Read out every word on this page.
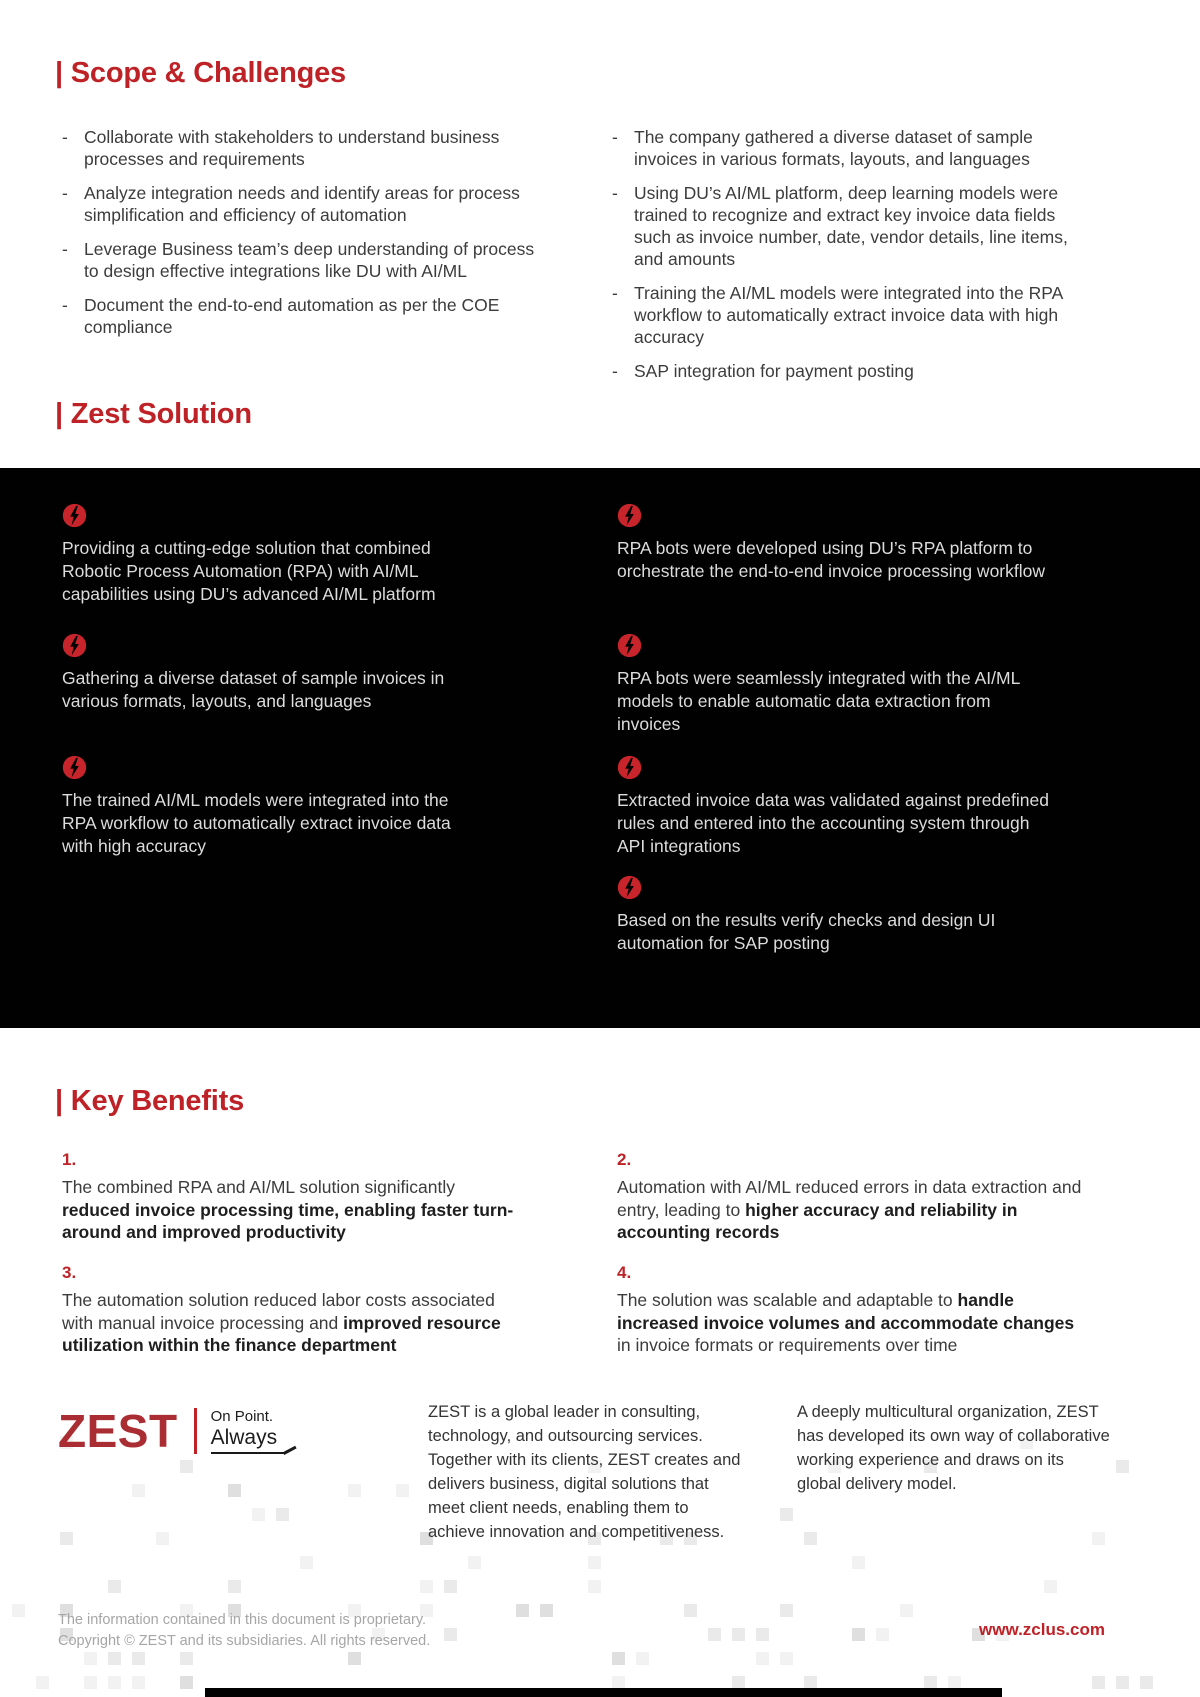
| Scope & Challenges
- Collaborate with stakeholders to understand business processes and requirements
- Analyze integration needs and identify areas for process simplification and efficiency of automation
- Leverage Business team’s deep understanding of process to design effective integrations like DU with AI/ML
- Document the end-to-end automation as per the COE compliance
- The company gathered a diverse dataset of sample invoices in various formats, layouts, and languages
- Using DU’s AI/ML platform, deep learning models were trained to recognize and extract key invoice data fields such as invoice number, date, vendor details, line items, and amounts
- Training the AI/ML models were integrated into the RPA workflow to automatically extract invoice data with high accuracy
- SAP integration for payment posting
| Zest Solution
Providing a cutting-edge solution that combined Robotic Process Automation (RPA) with AI/ML capabilities using DU’s advanced AI/ML platform
Gathering a diverse dataset of sample invoices in various formats, layouts, and languages
The trained AI/ML models were integrated into the RPA workflow to automatically extract invoice data with high accuracy
RPA bots were developed using DU’s RPA platform to orchestrate the end-to-end invoice processing workflow
RPA bots were seamlessly integrated with the AI/ML models to enable automatic data extraction from invoices
Extracted invoice data was validated against predefined rules and entered into the accounting system through API integrations
Based on the results verify checks and design UI automation for SAP posting
| Key Benefits
1.

The combined RPA and AI/ML solution significantly reduced invoice processing time, enabling faster turn-around and improved productivity

2.

Automation with AI/ML reduced errors in data extraction and entry, leading to higher accuracy and reliability in accounting records

3.

The automation solution reduced labor costs associated with manual invoice processing and improved resource utilization within the finance department

4.

The solution was scalable and adaptable to handle increased invoice volumes and accommodate changes in invoice formats or requirements over time

ZEST On Point.
Always

ZEST is a global leader in consulting, technology, and outsourcing services. Together with its clients, ZEST creates and delivers business, digital solutions that meet client needs, enabling them to achieve innovation and competitiveness.

A deeply multicultural organization, ZEST has developed its own way of collaborative working experience and draws on its global delivery model.

The information contained in this document is proprietary.
Copyright © ZEST and its subsidiaries. All rights reserved.
www.zclus.com
